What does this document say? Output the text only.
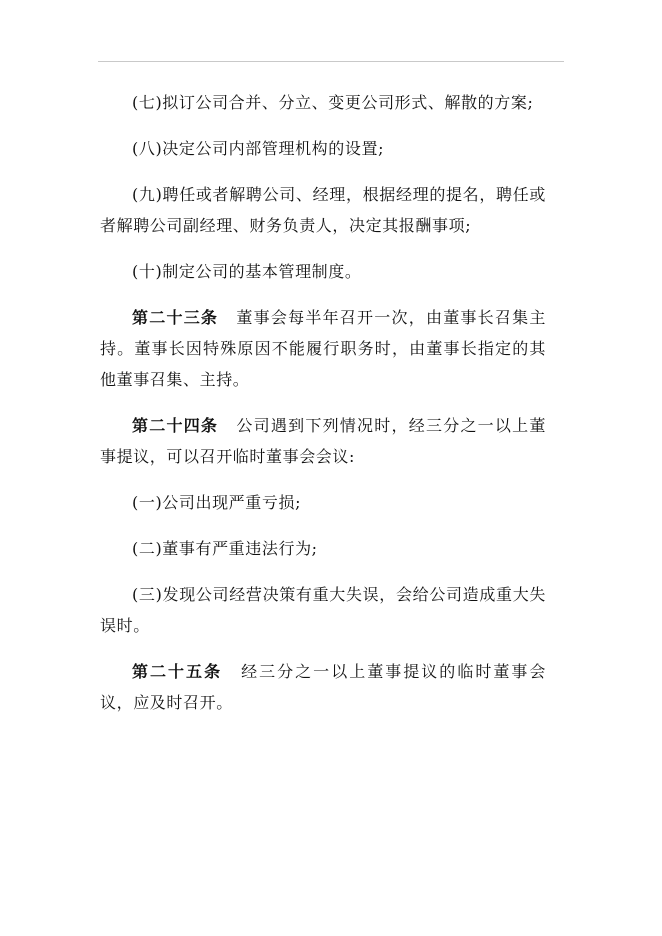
(七)拟订公司合并、分立、变更公司形式、解散的方案;

(八)决定公司内部管理机构的设置;

(九)聘任或者解聘公司、经理，根据经理的提名，聘任或者解聘公司副经理、财务负责人，决定其报酬事项;

(十)制定公司的基本管理制度。

第二十三条 董事会每半年召开一次，由董事长召集主持。董事长因特殊原因不能履行职务时，由董事长指定的其他董事召集、主持。

第二十四条 公司遇到下列情况时，经三分之一以上董事提议，可以召开临时董事会会议:

(一)公司出现严重亏损;

(二)董事有严重违法行为;

(三)发现公司经营决策有重大失误，会给公司造成重大失误时。

第二十五条 经三分之一以上董事提议的临时董事会议，应及时召开。
